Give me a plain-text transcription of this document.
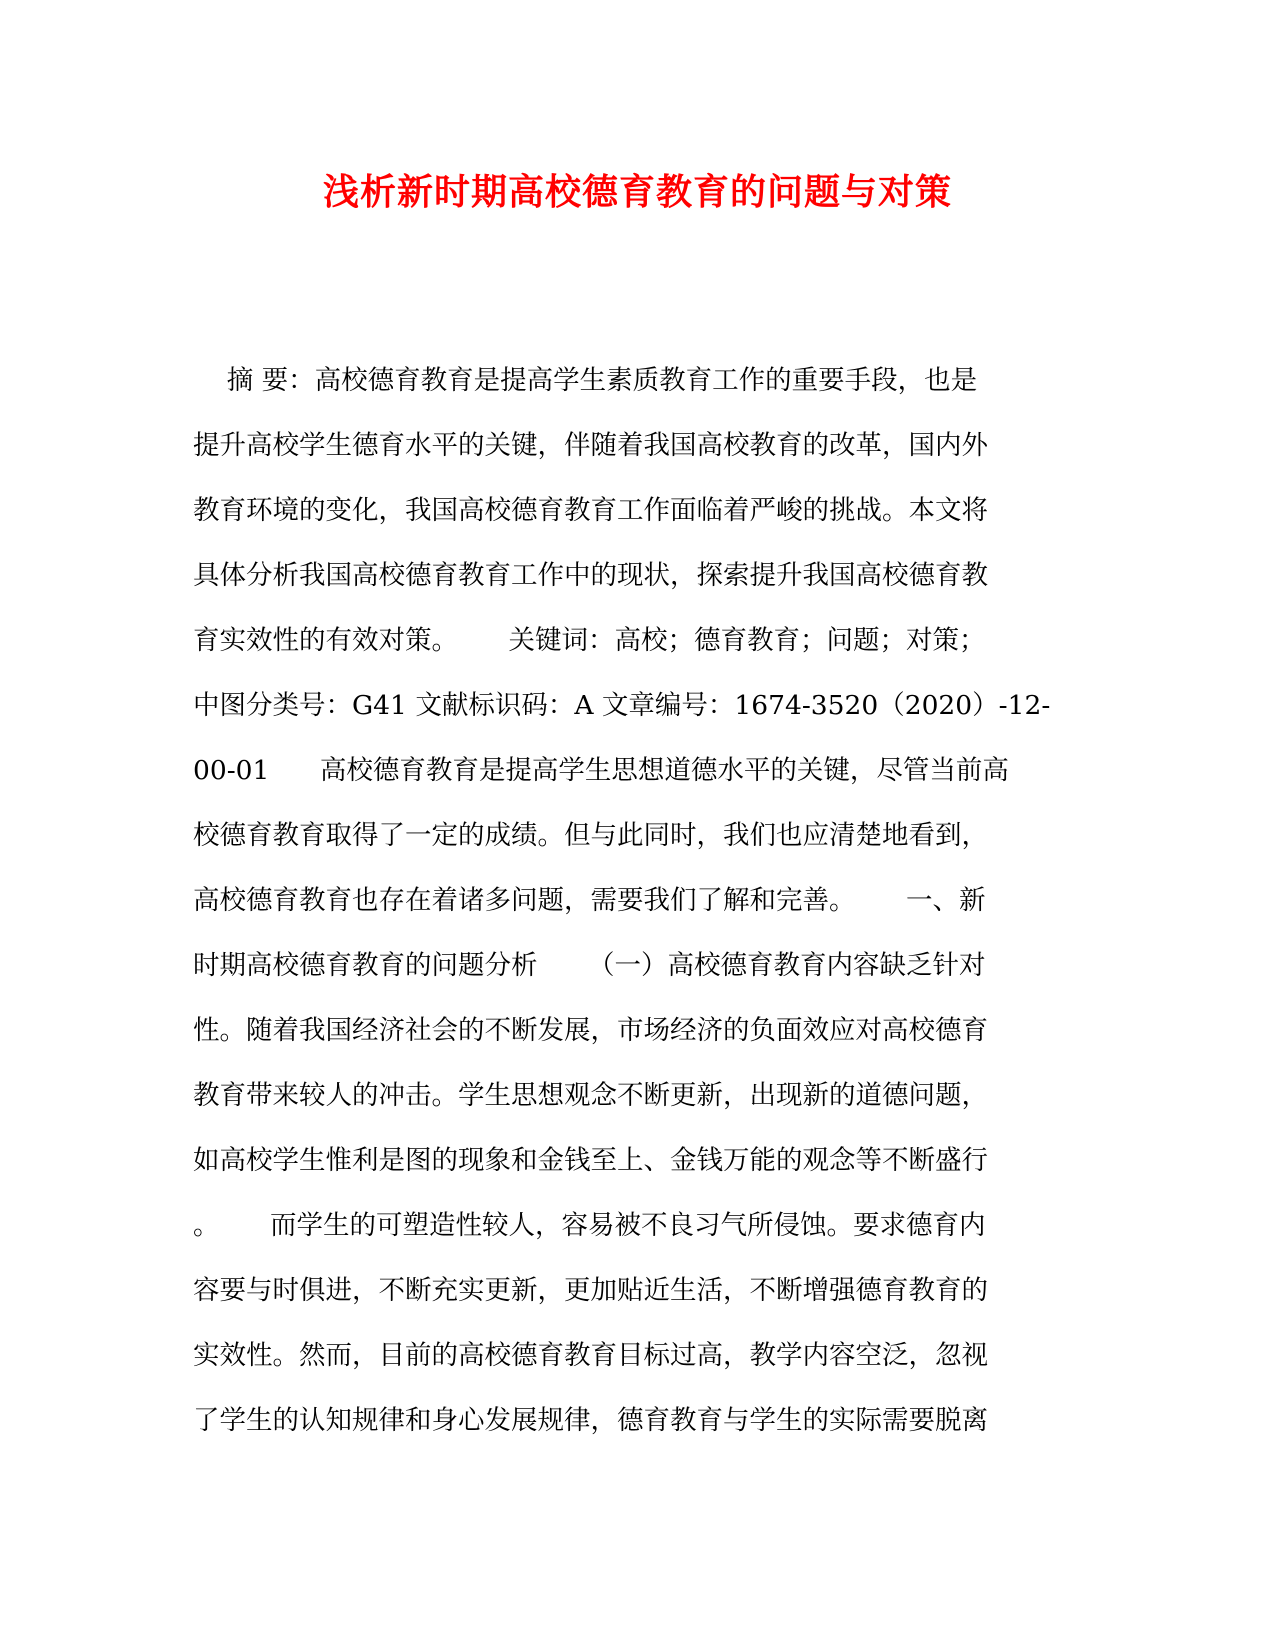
浅析新时期高校德育教育的问题与对策
摘 要：高校德育教育是提高学生素质教育工作的重要手段，也是
提升高校学生德育水平的关键，伴随着我国高校教育的改革，国内外
教育环境的变化，我国高校德育教育工作面临着严峻的挑战。本文将
具体分析我国高校德育教育工作中的现状，探索提升我国高校德育教
育实效性的有效对策。      关键词：高校；德育教育；问题；对策；
中图分类号：G41 文献标识码：A 文章编号：1674-3520（2020）-12-
00-01      高校德育教育是提高学生思想道德水平的关键，尽管当前高
校德育教育取得了一定的成绩。但与此同时，我们也应清楚地看到，
高校德育教育也存在着诸多问题，需要我们了解和完善。      一、新
时期高校德育教育的问题分析      （一）高校德育教育内容缺乏针对
性。随着我国经济社会的不断发展，市场经济的负面效应对高校德育
教育带来较人的冲击。学生思想观念不断更新，出现新的道德问题，
如高校学生惟利是图的现象和金钱至上、金钱万能的观念等不断盛行
。      而学生的可塑造性较人，容易被不良习气所侵蚀。要求德育内
容要与时俱进，不断充实更新，更加贴近生活，不断增强德育教育的
实效性。然而，目前的高校德育教育目标过高，教学内容空泛，忽视
了学生的认知规律和身心发展规律，德育教育与学生的实际需要脱离
